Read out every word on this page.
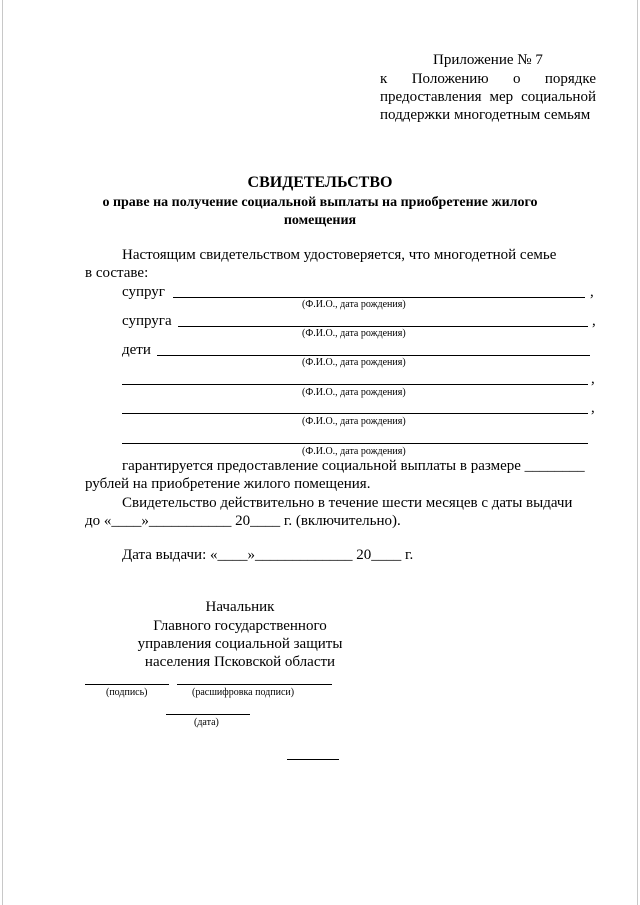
Приложение № 7
к Положению о порядке
предоставления мер социальной
поддержки многодетным семьям
СВИДЕТЕЛЬСТВО
о праве на получение социальной выплаты на приобретение жилого
помещения
Настоящим свидетельством удостоверяется, что многодетной семье
в составе:
супруг	,
(Ф.И.О., дата рождения)
супруга	,
(Ф.И.О., дата рождения)
дети
(Ф.И.О., дата рождения)
,
(Ф.И.О., дата рождения)
,
(Ф.И.О., дата рождения)
(Ф.И.О., дата рождения)
гарантируется предоставление социальной выплаты в размере ________
рублей на приобретение жилого помещения.
Свидетельство действительно в течение шести месяцев с даты выдачи
до «____»___________ 20____ г. (включительно).
Дата выдачи: «____»_____________ 20____ г.
Начальник
Главного государственного
управления социальной защиты
населения Псковской области
(подпись)	(расшифровка подписи)
(дата)
